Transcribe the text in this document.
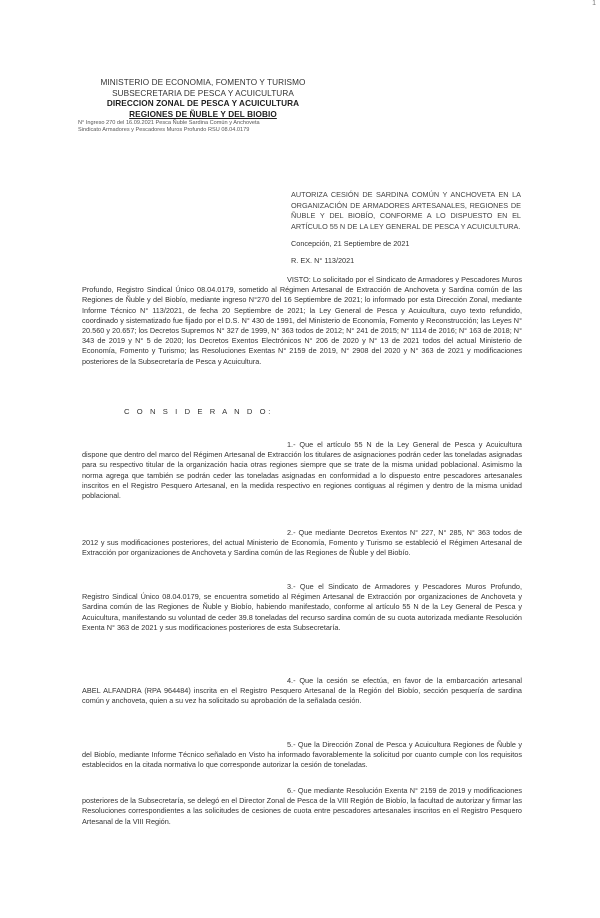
1
MINISTERIO DE ECONOMIA, FOMENTO Y TURISMO
SUBSECRETARIA DE PESCA Y ACUICULTURA
DIRECCION ZONAL DE PESCA Y ACUICULTURA
REGIONES DE ÑUBLE Y DEL BIOBIO
N° Ingreso 270 del 16.09.2021 Pesca Ñuble Sardina Común y Anchoveta
Sindicato Armadores y Pescadores Muros Profundo RSU 08.04.0179
AUTORIZA CESIÓN DE SARDINA COMÚN Y ANCHOVETA EN LA ORGANIZACIÓN DE ARMADORES ARTESANALES, REGIONES DE ÑUBLE Y DEL BIOBÍO, CONFORME A LO DISPUESTO EN EL ARTÍCULO 55 N DE LA LEY GENERAL DE PESCA Y ACUICULTURA.
Concepción, 21 Septiembre de 2021
R. EX. N° 113/2021

VISTO: Lo solicitado por el Sindicato de Armadores y Pescadores Muros Profundo, Registro Sindical Único 08.04.0179, sometido al Régimen Artesanal de Extracción de Anchoveta y Sardina común de las Regiones de Ñuble y del Biobío, mediante ingreso N°270 del 16 Septiembre de 2021; lo informado por esta Dirección Zonal, mediante Informe Técnico N° 113/2021, de fecha 20 Septiembre de 2021; la Ley General de Pesca y Acuicultura, cuyo texto refundido, coordinado y sistematizado fue fijado por el D.S. N° 430 de 1991, del Ministerio de Economía, Fomento y Reconstrucción; las Leyes N° 20.560 y 20.657; los Decretos Supremos N° 327 de 1999, N° 363 todos de 2012; N° 241 de 2015; N° 1114 de 2016; N° 163 de 2018; N° 343 de 2019 y N° 5 de 2020; los Decretos Exentos Electrónicos N° 206 de 2020 y N° 13 de 2021 todos del actual Ministerio de Economía, Fomento y Turismo; las Resoluciones Exentas N° 2159 de 2019, N° 2908 del 2020 y N° 363 de 2021 y modificaciones posteriores de la Subsecretaría de Pesca y Acuicultura.

C O N S I D E R A N D O:

1.- Que el artículo 55 N de la Ley General de Pesca y Acuicultura dispone que dentro del marco del Régimen Artesanal de Extracción los titulares de asignaciones podrán ceder las toneladas asignadas para su respectivo titular de la organización hacia otras regiones siempre que se trate de la misma unidad poblacional. Asimismo la norma agrega que también se podrán ceder las toneladas asignadas en conformidad a lo dispuesto entre pescadores artesanales inscritos en el Registro Pesquero Artesanal, en la medida respectivo en regiones contiguas al régimen y dentro de la misma unidad poblacional.

2.- Que mediante Decretos Exentos N° 227, N° 285, N° 363 todos de 2012 y sus modificaciones posteriores, del actual Ministerio de Economía, Fomento y Turismo se estableció el Régimen Artesanal de Extracción por organizaciones de Anchoveta y Sardina común de las Regiones de Ñuble y del Biobío.

3.- Que el Sindicato de Armadores y Pescadores Muros Profundo, Registro Sindical Único 08.04.0179, se encuentra sometido al Régimen Artesanal de Extracción por organizaciones de Anchoveta y Sardina común de las Regiones de Ñuble y Biobío, habiendo manifestado, conforme al artículo 55 N de la Ley General de Pesca y Acuicultura, manifestando su voluntad de ceder 39.8 toneladas del recurso sardina común de su cuota autorizada mediante Resolución Exenta N° 363 de 2021 y sus modificaciones posteriores de esta Subsecretaría.

4.- Que la cesión se efectúa, en favor de la embarcación artesanal ABEL ALFANDRA (RPA 964484) inscrita en el Registro Pesquero Artesanal de la Región del Biobío, sección pesquería de sardina común y anchoveta, quien a su vez ha solicitado su aprobación de la señalada cesión.

5.- Que la Dirección Zonal de Pesca y Acuicultura Regiones de Ñuble y del Biobío, mediante Informe Técnico señalado en Visto ha informado favorablemente la solicitud por cuanto cumple con los requisitos establecidos en la citada normativa lo que corresponde autorizar la cesión de toneladas.

6.- Que mediante Resolución Exenta N° 2159 de 2019 y modificaciones posteriores de la Subsecretaría, se delegó en el Director Zonal de Pesca de la VIII Región de Biobío, la facultad de autorizar y firmar las Resoluciones correspondientes a las solicitudes de cesiones de cuota entre pescadores artesanales inscritos en el Registro Pesquero Artesanal de la VIII Región.
